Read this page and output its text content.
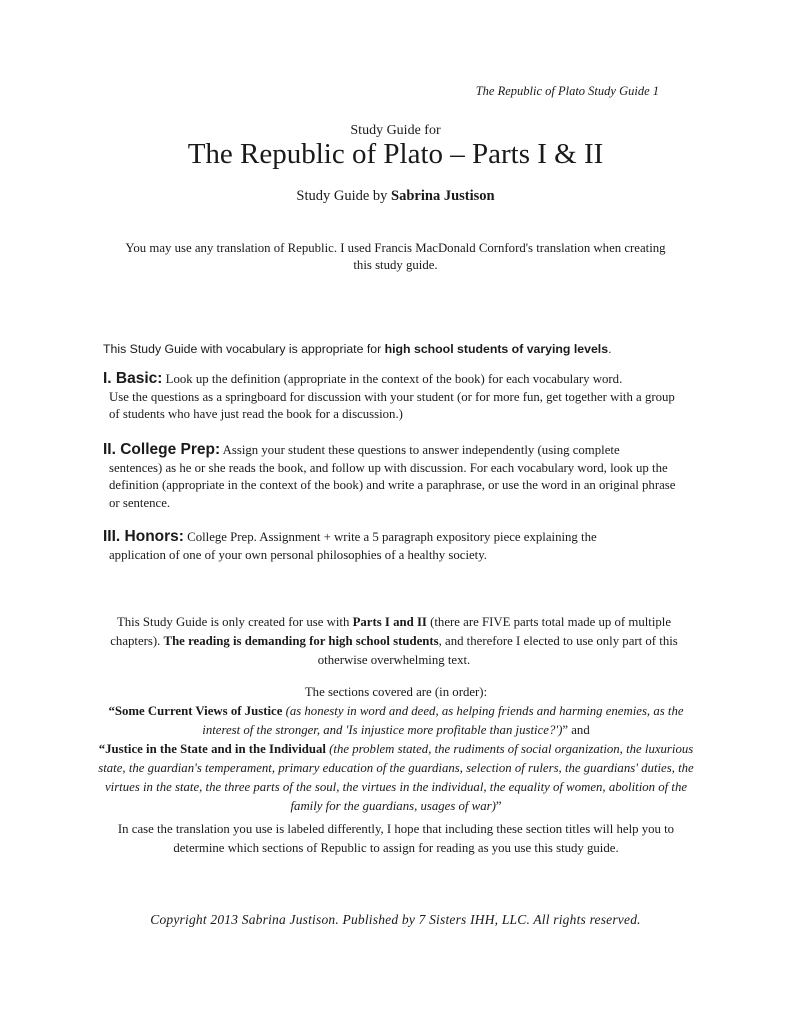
The Republic of Plato Study Guide 1
Study Guide for
The Republic of Plato – Parts I & II
Study Guide by Sabrina Justison
You may use any translation of Republic. I used Francis MacDonald Cornford's translation when creating this study guide.
This Study Guide with vocabulary is appropriate for high school students of varying levels.
I. Basic: Look up the definition (appropriate in the context of the book) for each vocabulary word.
Use the questions as a springboard for discussion with your student (or for more fun, get together with a group of students who have just read the book for a discussion.)
II. College Prep: Assign your student these questions to answer independently (using complete
sentences) as he or she reads the book, and follow up with discussion. For each vocabulary word, look up the definition (appropriate in the context of the book) and write a paraphrase, or use the word in an original phrase or sentence.
III. Honors: College Prep. Assignment + write a 5 paragraph expository piece explaining the
application of one of your own personal philosophies of a healthy society.
This Study Guide is only created for use with Parts I and II (there are FIVE parts total made up of multiple chapters). The reading is demanding for high school students, and therefore I elected to use only part of this otherwise overwhelming text.
The sections covered are (in order):
“Some Current Views of Justice (as honesty in word and deed, as helping friends and harming enemies, as the interest of the stronger, and 'Is injustice more profitable than justice?')” and
“Justice in the State and in the Individual (the problem stated, the rudiments of social organization, the luxurious state, the guardian's temperament, primary education of the guardians, selection of rulers, the guardians' duties, the virtues in the state, the three parts of the soul, the virtues in the individual, the equality of women, abolition of the family for the guardians, usages of war)”
In case the translation you use is labeled differently, I hope that including these section titles will help you to determine which sections of Republic to assign for reading as you use this study guide.
Copyright 2013 Sabrina Justison. Published by 7 Sisters IHH, LLC. All rights reserved.
